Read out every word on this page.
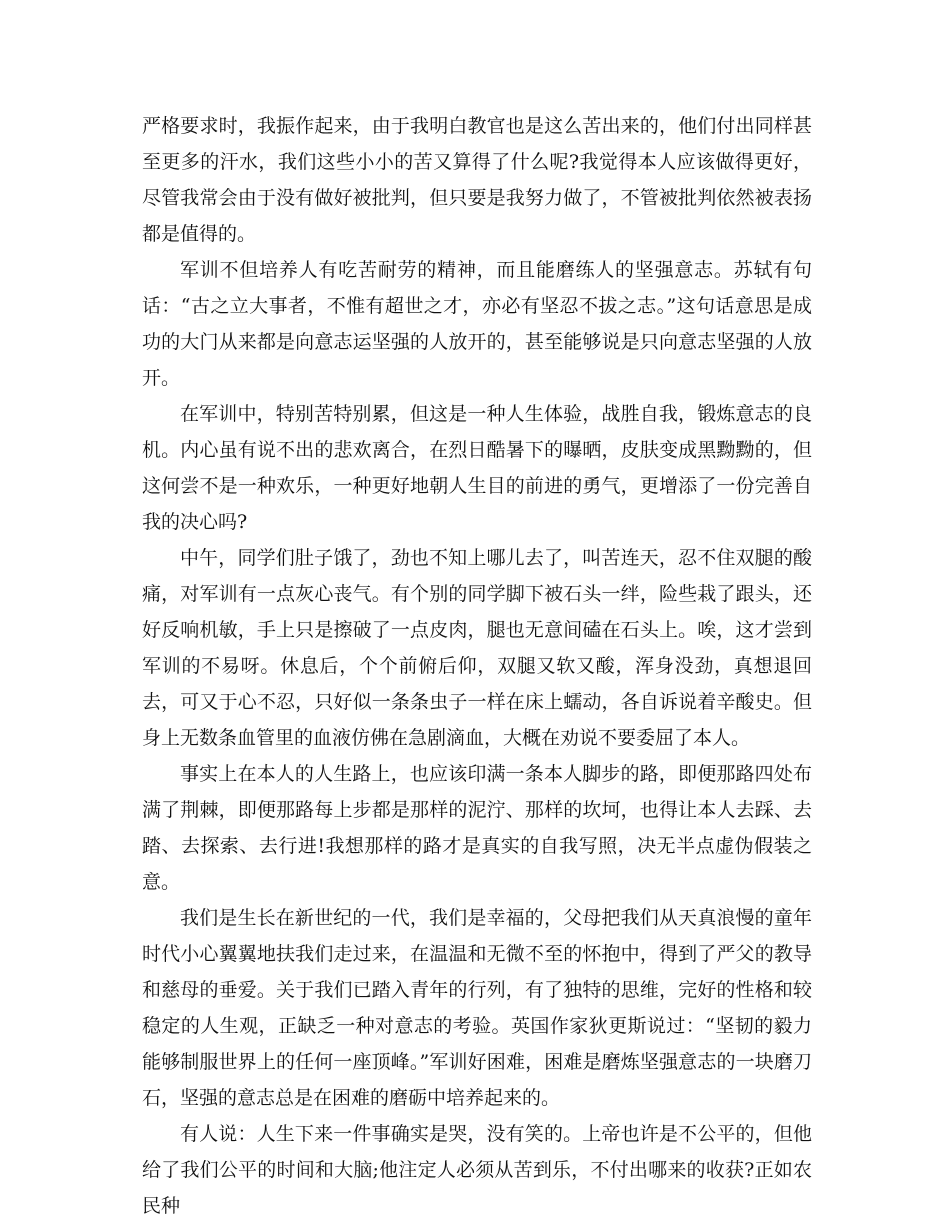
严格要求时，我振作起来，由于我明白教官也是这么苦出来的，他们付出同样甚至更多的汗水，我们这些小小的苦又算得了什么呢?我觉得本人应该做得更好，尽管我常会由于没有做好被批判，但只要是我努力做了，不管被批判依然被表扬都是值得的。

军训不但培养人有吃苦耐劳的精神，而且能磨练人的坚强意志。苏轼有句话：“古之立大事者，不惟有超世之才，亦必有坚忍不拔之志。”这句话意思是成功的大门从来都是向意志运坚强的人放开的，甚至能够说是只向意志坚强的人放开。

在军训中，特别苦特别累，但这是一种人生体验，战胜自我，锻炼意志的良机。内心虽有说不出的悲欢离合，在烈日酷暑下的曝晒，皮肤变成黑黝黝的，但这何尝不是一种欢乐，一种更好地朝人生目的前进的勇气，更增添了一份完善自我的决心吗?

中午，同学们肚子饿了，劲也不知上哪儿去了，叫苦连天，忍不住双腿的酸痛，对军训有一点灰心丧气。有个别的同学脚下被石头一绊，险些栽了跟头，还好反响机敏，手上只是擦破了一点皮肉，腿也无意间磕在石头上。唉，这才尝到军训的不易呀。休息后，个个前俯后仰，双腿又软又酸，浑身没劲，真想退回去，可又于心不忍，只好似一条条虫子一样在床上蠕动，各自诉说着辛酸史。但身上无数条血管里的血液仿佛在急剧滴血，大概在劝说不要委屈了本人。

事实上在本人的人生路上，也应该印满一条本人脚步的路，即便那路四处布满了荆棘，即便那路每上步都是那样的泥泞、那样的坎坷，也得让本人去踩、去踏、去探索、去行进!我想那样的路才是真实的自我写照，决无半点虚伪假装之意。

我们是生长在新世纪的一代，我们是幸福的，父母把我们从天真浪慢的童年时代小心翼翼地扶我们走过来，在温温和无微不至的怀抱中，得到了严父的教导和慈母的垂爱。关于我们已踏入青年的行列，有了独特的思维，完好的性格和较稳定的人生观，正缺乏一种对意志的考验。英国作家狄更斯说过：“坚韧的毅力能够制服世界上的任何一座顶峰。”军训好困难，困难是磨炼坚强意志的一块磨刀石，坚强的意志总是在困难的磨砺中培养起来的。

有人说：人生下来一件事确实是哭，没有笑的。上帝也许是不公平的，但他给了我们公平的时间和大脑;他注定人必须从苦到乐，不付出哪来的收获?正如农民种
